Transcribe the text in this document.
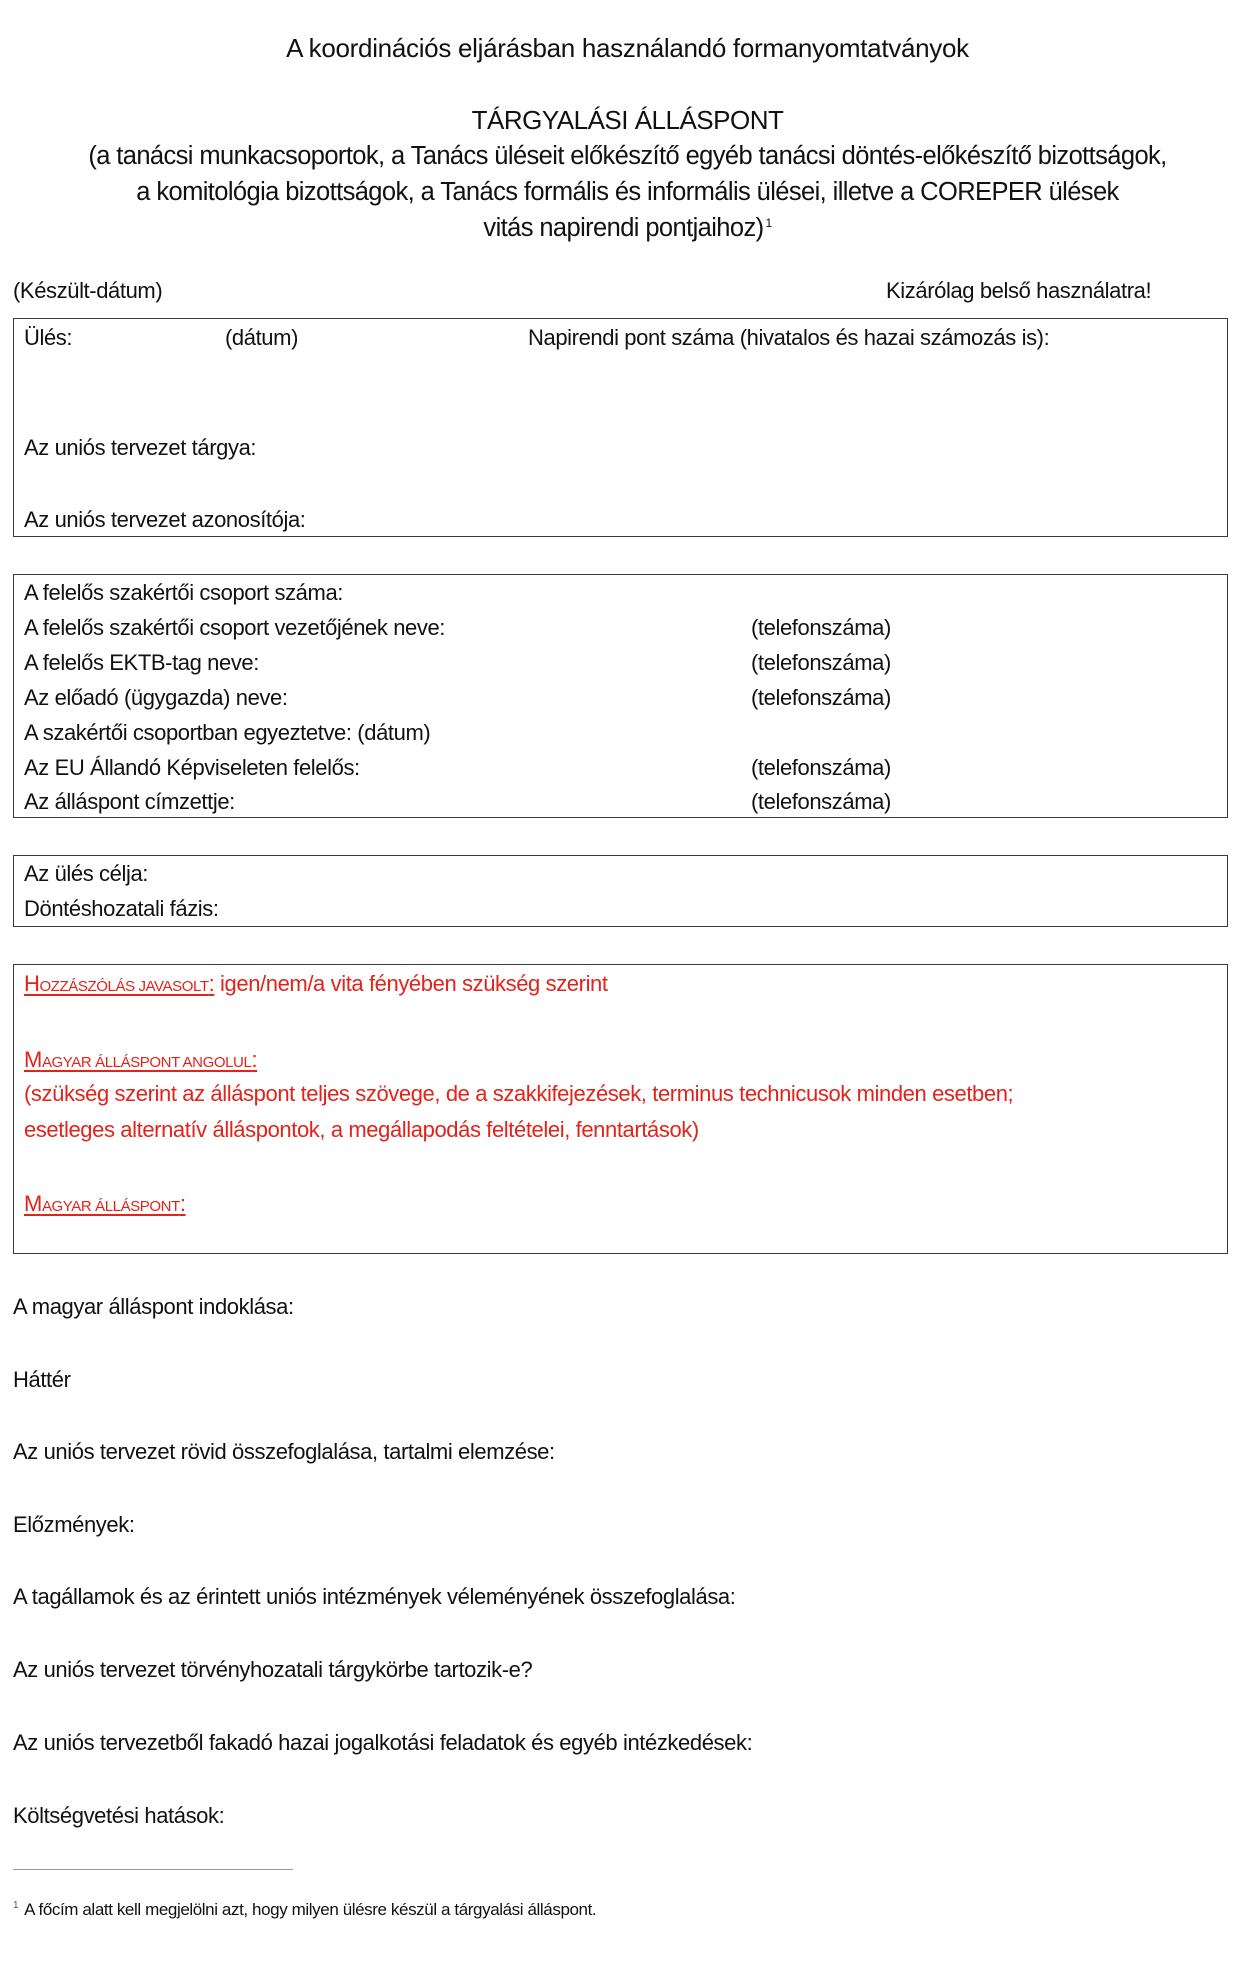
A koordinációs eljárásban használandó formanyomtatványok
TÁRGYALÁSI ÁLLÁSPONT
(a tanácsi munkacsoportok, a Tanács üléseit előkészítő egyéb tanácsi döntés-előkészítő bizottságok,
a komitológia bizottságok, a Tanács formális és informális ülései, illetve a COREPER ülések
vitás napirendi pontjaihoz) $^1$
(Készült-dátum)	Kizárólag belső használatra!
Ülés:	(dátum)	Napirendi pont száma (hivatalos és hazai számozás is):
Az uniós tervezet tárgya:
Az uniós tervezet azonosítója:
A felelős szakértői csoport száma:
A felelős szakértői csoport vezetőjének neve:	(telefonszáma)
A felelős EKTB-tag neve:	(telefonszáma)
Az előadó (ügygazda) neve:	(telefonszáma)
A szakértői csoportban egyeztetve: (dátum)
Az EU Állandó Képviseleten felelős:	(telefonszáma)
Az álláspont címzettje:	(telefonszáma)
Az ülés célja:
Döntéshozatali fázis:
HOZZÁSZÓLÁS JAVASOLT: igen/nem/a vita fényében szükség szerint
MAGYAR ÁLLÁSPONT ANGOLUL:
(szükség szerint az álláspont teljes szövege, de a szakkifejezések, terminus technicusok minden esetben;
esetleges alternatív álláspontok, a megállapodás feltételei, fenntartások)
MAGYAR ÁLLÁSPONT:
A magyar álláspont indoklása:
Háttér
Az uniós tervezet rövid összefoglalása, tartalmi elemzése:
Előzmények:
A tagállamok és az érintett uniós intézmények véleményének összefoglalása:
Az uniós tervezet törvényhozatali tárgykörbe tartozik-e?
Az uniós tervezetből fakadó hazai jogalkotási feladatok és egyéb intézkedések:
Költségvetési hatások:
$^1$ A főcím alatt kell megjelölni azt, hogy milyen ülésre készül a tárgyalási álláspont.
